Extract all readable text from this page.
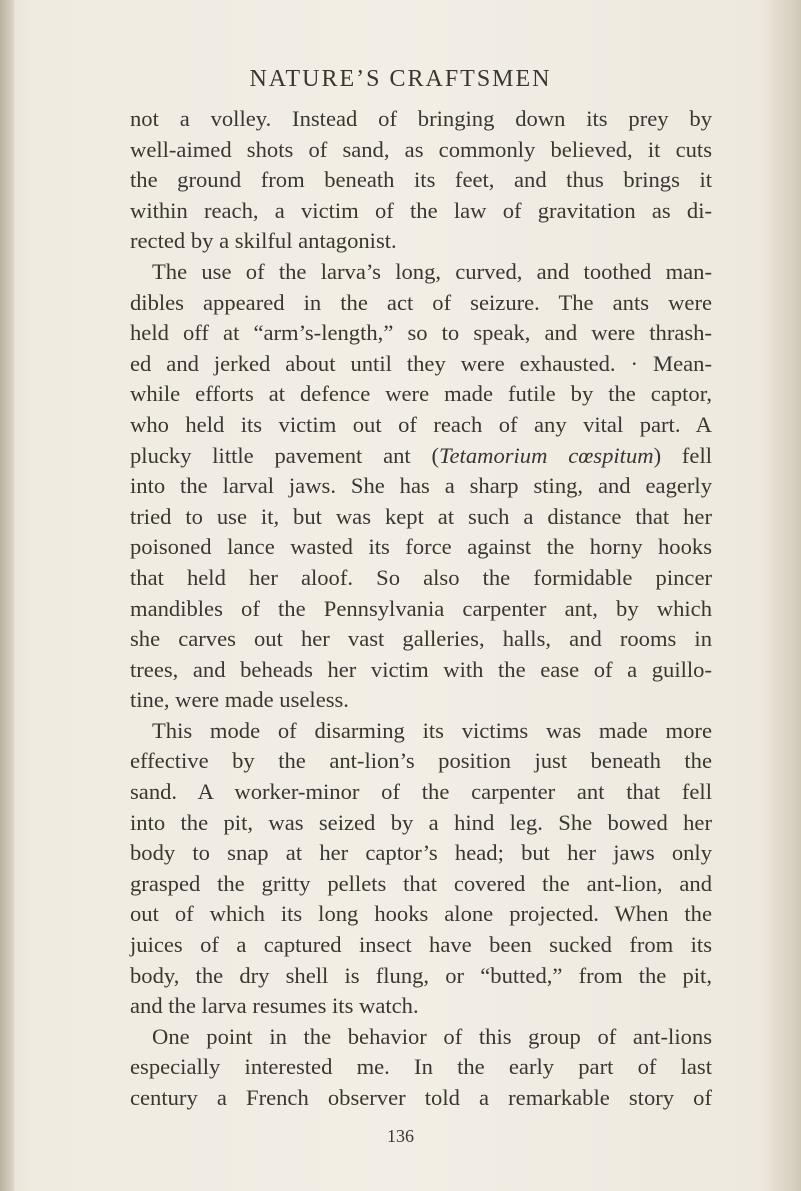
NATURE’S CRAFTSMEN

not a volley. Instead of bringing down its prey by
well-aimed shots of sand, as commonly believed, it cuts
the ground from beneath its feet, and thus brings it
within reach, a victim of the law of gravitation as di-
rected by a skilful antagonist.

The use of the larva’s long, curved, and toothed man-
dibles appeared in the act of seizure. The ants were
held off at “arm’s-length,” so to speak, and were thrash-
ed and jerked about until they were exhausted. · Mean-
while efforts at defence were made futile by the captor,
who held its victim out of reach of any vital part. A
plucky little pavement ant (Tetamorium cœspitum) fell
into the larval jaws. She has a sharp sting, and eagerly
tried to use it, but was kept at such a distance that her
poisoned lance wasted its force against the horny hooks
that held her aloof. So also the formidable pincer
mandibles of the Pennsylvania carpenter ant, by which
she carves out her vast galleries, halls, and rooms in
trees, and beheads her victim with the ease of a guillo-
tine, were made useless.

This mode of disarming its victims was made more
effective by the ant-lion’s position just beneath the
sand. A worker-minor of the carpenter ant that fell
into the pit, was seized by a hind leg. She bowed her
body to snap at her captor’s head; but her jaws only
grasped the gritty pellets that covered the ant-lion, and
out of which its long hooks alone projected. When the
juices of a captured insect have been sucked from its
body, the dry shell is flung, or “butted,” from the pit,
and the larva resumes its watch.

One point in the behavior of this group of ant-lions
especially interested me. In the early part of last
century a French observer told a remarkable story of

136
